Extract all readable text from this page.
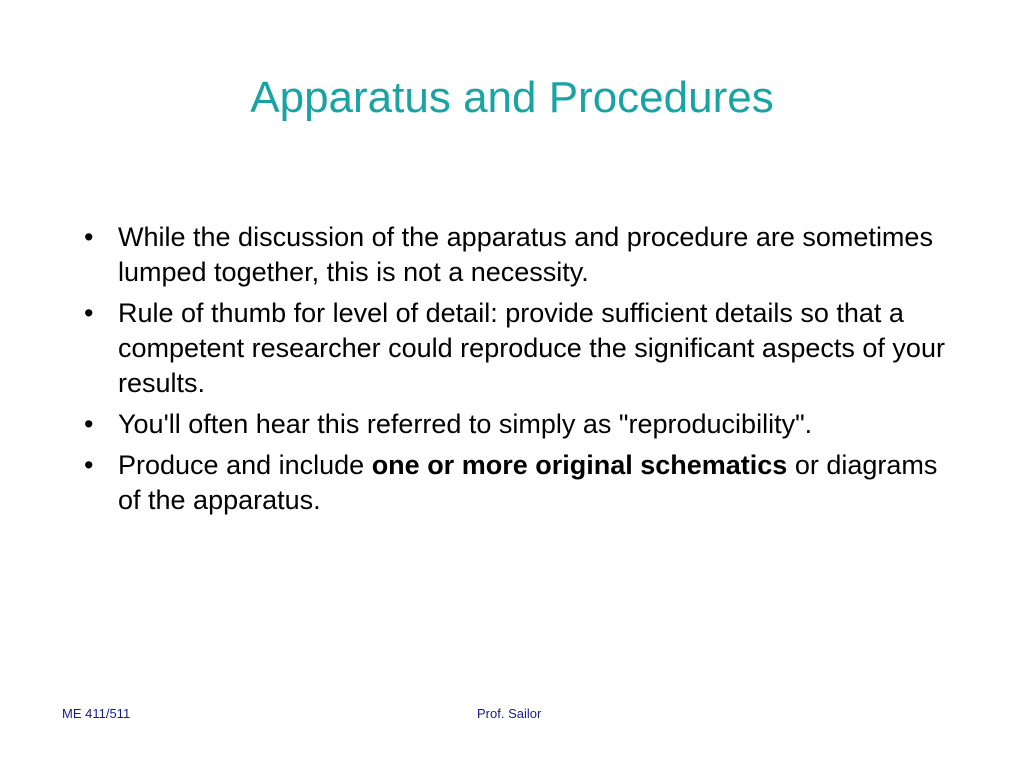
Apparatus and Procedures
• While the discussion of the apparatus and procedure are sometimes lumped together, this is not a necessity.
• Rule of thumb for level of detail: provide sufficient details so that a competent researcher could reproduce the significant aspects of your results.
• You'll often hear this referred to simply as "reproducibility".
• Produce and include one or more original schematics or diagrams of the apparatus.
ME 411/511	Prof. Sailor
